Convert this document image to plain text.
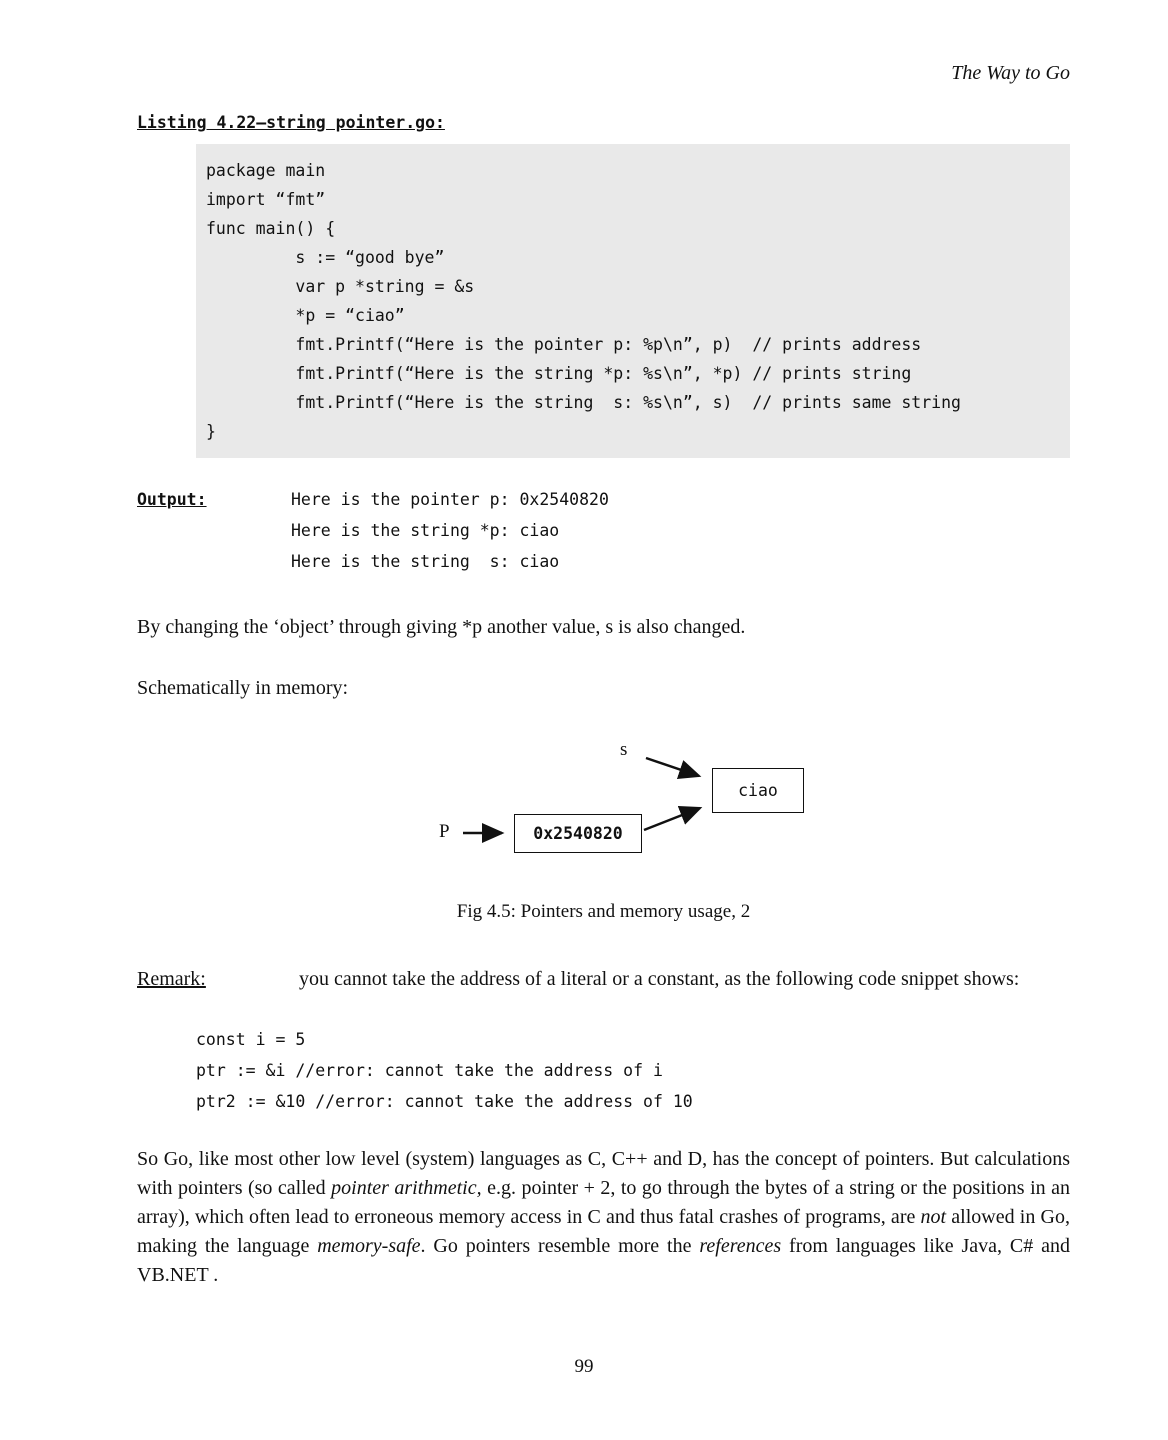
The Way to Go
Listing 4.22—string pointer.go:
package main
import “fmt”
func main() {
s := “good bye”
var p *string = &s
*p = “ciao”
fmt.Printf(“Here is the pointer p: %p\n”, p)  // prints address
fmt.Printf(“Here is the string *p: %s\n”, *p) // prints string
fmt.Printf(“Here is the string  s: %s\n”, s)  // prints same string
}
Output:	Here is the pointer p: 0x2540820
Here is the string *p: ciao
Here is the string  s: ciao

By changing the ‘object’ through giving *p another value, s is also changed.

Schematically in memory:

s
P
ciao
0x2540820
Fig 4.5: Pointers and memory usage, 2

Remark:	you cannot take the address of a literal or a constant, as the following code snippet shows:

const i = 5
ptr := &i //error: cannot take the address of i
ptr2 := &10 //error: cannot take the address of 10

So Go, like most other low level (system) languages as C, C++ and D, has the concept of pointers. But calculations with pointers (so called pointer arithmetic, e.g. pointer + 2, to go through the bytes of a string or the positions in an array), which often lead to erroneous memory access in C and thus fatal crashes of programs, are not allowed in Go, making the language memory-safe. Go pointers resemble more the references from languages like Java, C# and VB.NET .

99
